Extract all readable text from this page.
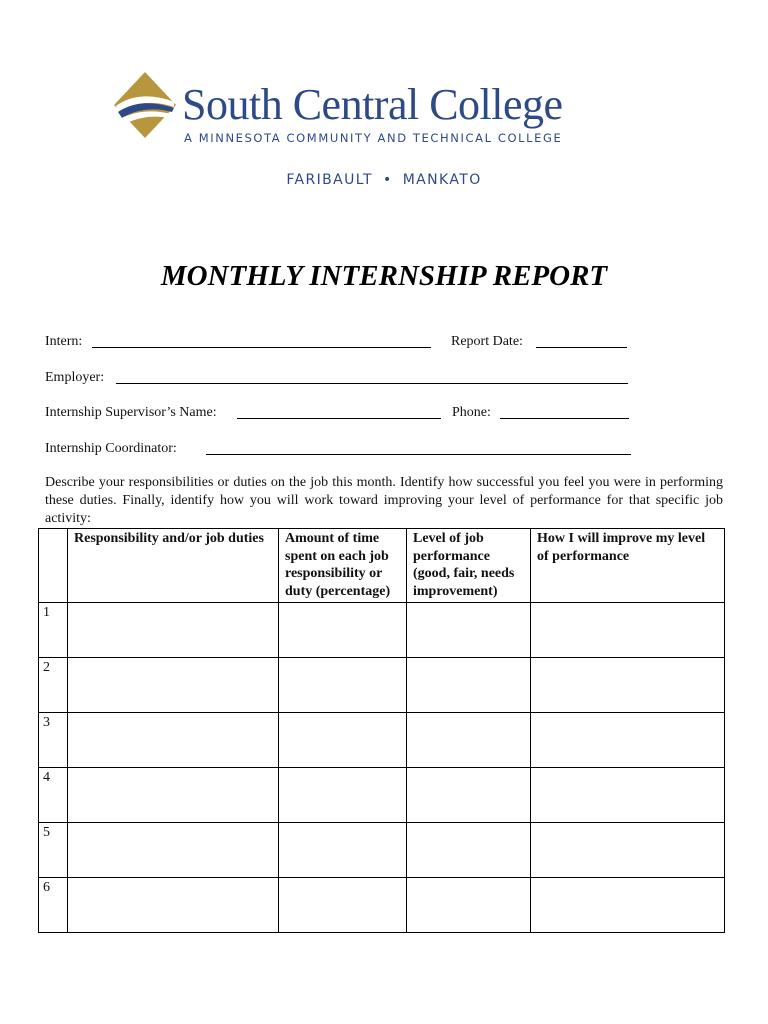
South Central College
A MINNESOTA COMMUNITY AND TECHNICAL COLLEGE
FARIBAULT • MANKATO
MONTHLY INTERNSHIP REPORT
Intern:	Report Date:
Employer:
Internship Supervisor’s Name:	Phone:
Internship Coordinator:
Describe your responsibilities or duties on the job this month. Identify how successful you feel you were in performing these duties. Finally, identify how you will work toward improving your level of performance for that specific job activity:
	Responsibility and/or job duties	Amount of time spent on each job responsibility or duty (percentage)	Level of job performance (good, fair, needs improvement)	How I will improve my level of performance
1				
2				
3				
4				
5				
6				
